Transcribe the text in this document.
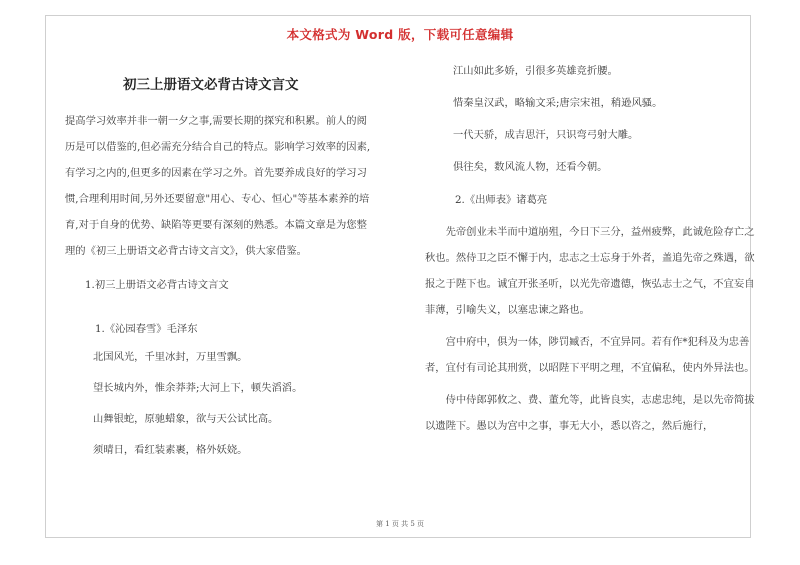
本文格式为 Word 版，下载可任意编辑
初三上册语文必背古诗文言文

提高学习效率并非一朝一夕之事,需要长期的探究和积累。前人的阅

历是可以借鉴的,但必需充分结合自己的特点。影响学习效率的因素,

有学习之内的,但更多的因素在学习之外。首先要养成良好的学习习

惯,合理利用时间,另外还要留意"用心、专心、恒心"等基本素养的培

育,对于自身的优势、缺陷等更要有深刻的熟悉。本篇文章是为您整

理的《初三上册语文必背古诗文言文》，供大家借鉴。

1.初三上册语文必背古诗文言文

1.《沁园春雪》毛泽东

北国风光，千里冰封，万里雪飘。

望长城内外，惟余莽莽;大河上下，顿失滔滔。

山舞银蛇，原驰蜡象，欲与天公试比高。

须晴日，看红装素裹，格外妖娆。

江山如此多娇，引很多英雄竞折腰。

惜秦皇汉武，略输文采;唐宗宋祖，稍逊风骚。

一代天骄，成吉思汗，只识弯弓射大雕。

俱往矣，数风流人物，还看今朝。

2.《出师表》诸葛亮

先帝创业未半而中道崩殂，今日下三分，益州疲弊，此诚危险存亡之秋也。然侍卫之臣不懈于内，忠志之士忘身于外者，盖追先帝之殊遇，欲报之于陛下也。诚宜开张圣听，以光先帝遗德，恢弘志士之气，不宜妄自菲薄，引喻失义，以塞忠谏之路也。

宫中府中，俱为一体，陟罚臧否，不宜异同。若有作*犯科及为忠善者，宜付有司论其刑赏，以昭陛下平明之理，不宜偏私，使内外异法也。

侍中侍郎郭攸之、费、董允等，此皆良实，志虑忠纯，是以先帝简拔以遗陛下。愚以为宫中之事，事无大小，悉以咨之，然后施行，

第 1 页 共 5 页
